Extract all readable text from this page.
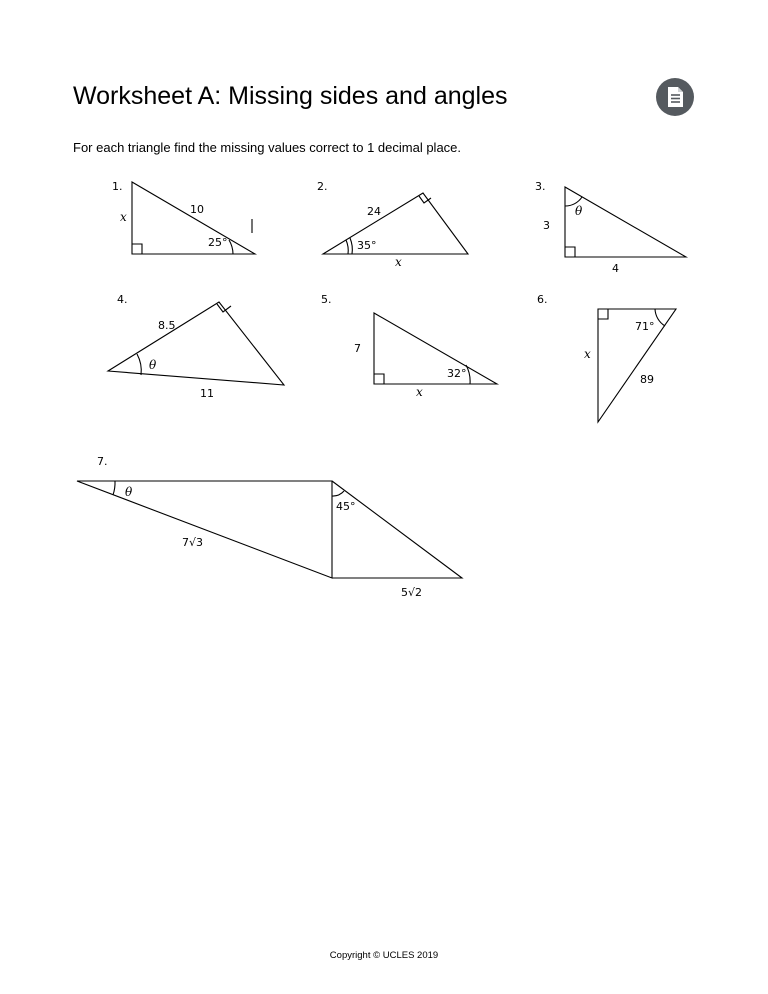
Worksheet A: Missing sides and angles

For each triangle find the missing values correct to 1 decimal place.

1.	2.	3.
4.	5.	6.
7.
10
25°
x	24
35°
x
3
4
θ
8.5
11
θ
7
32°
x
71°
89
x
θ
45°
7√3
5√2
Copyright © UCLES 2019
